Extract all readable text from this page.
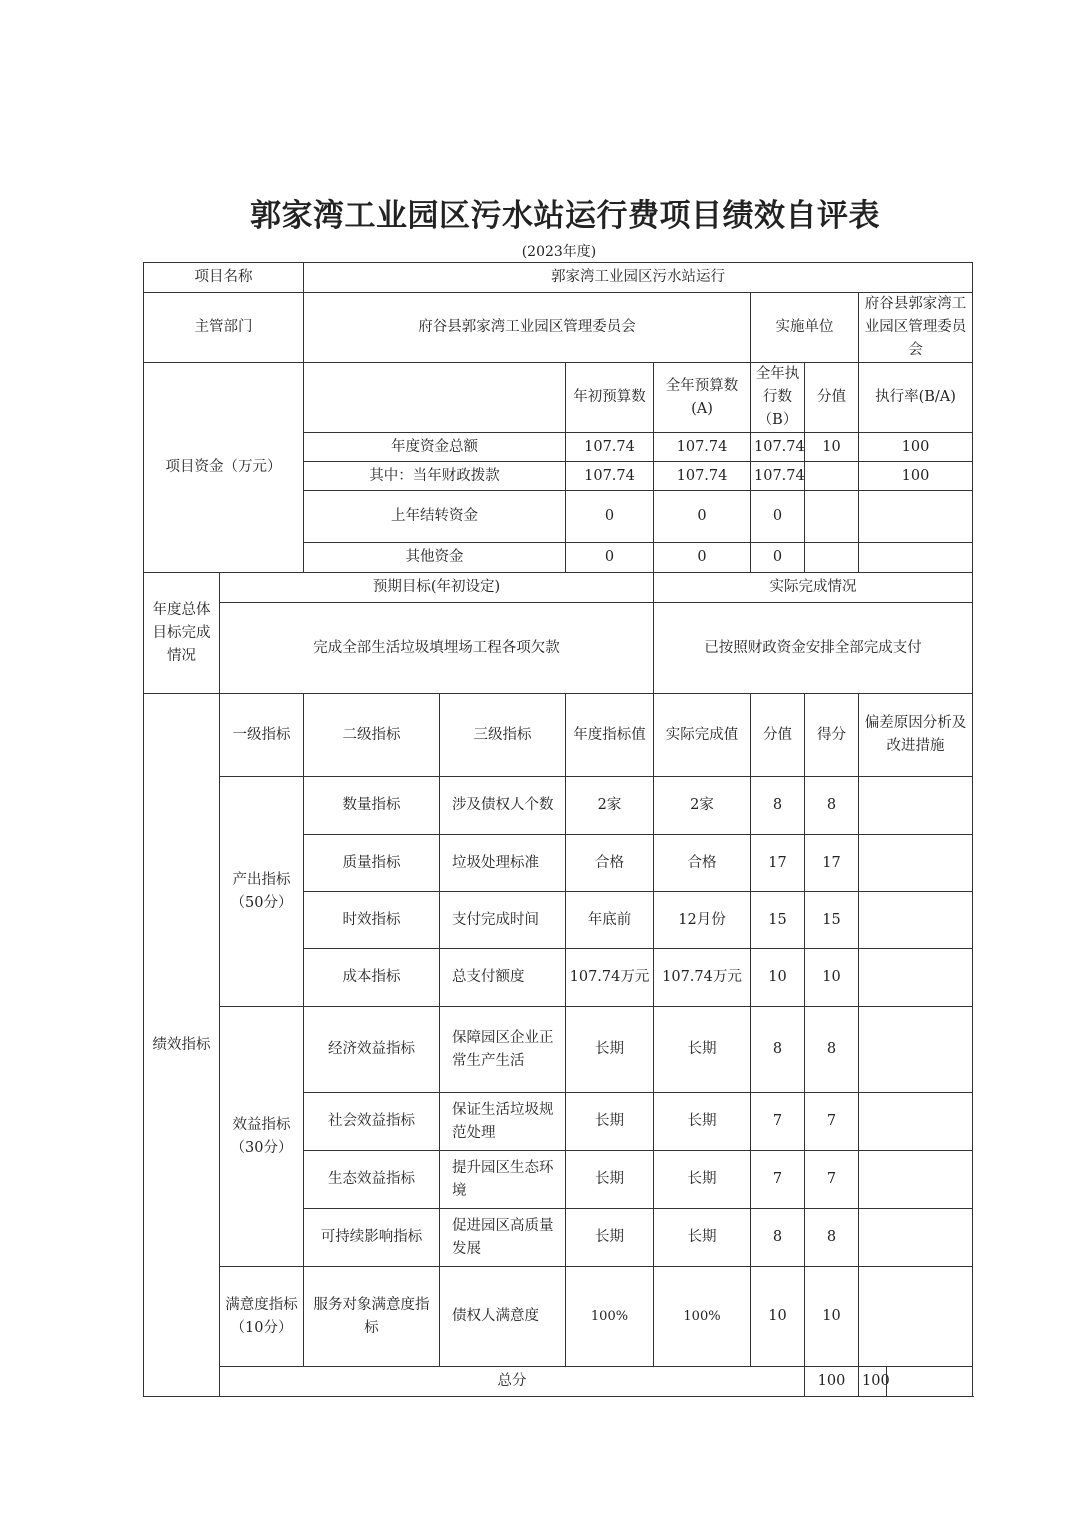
郭家湾工业园区污水站运行费项目绩效自评表
(2023年度)
项目名称		郭家湾工业园区污水站运行							
主管部门		府谷县郭家湾工业园区管理委员会				实施单位		府谷县郭家湾工业园区管理委员会	
项目资金（万元）				年初预算数	全年预算数(A)	全年执行数（B）	分值	执行率(B/A)	
		年度资金总额		107.74	107.74	107.74	10	100	
		其中：当年财政拨款		107.74	107.74	107.74		100	
		上年结转资金		0	0	0			
		其他资金		0	0	0			
年度总体目标完成情况	预期目标(年初设定)				实际完成情况				
	完成全部生活垃圾填埋场工程各项欠款				已按照财政资金安排全部完成支付				
绩效指标	一级指标	二级指标	三级指标	年度指标值	实际完成值	分值	得分	偏差原因分析及改进措施	
	产出指标（50分）	数量指标	涉及债权人个数	2家	2家	8	8		
		质量指标	垃圾处理标准	合格	合格	17	17		
		时效指标	支付完成时间	年底前	12月份	15	15		
		成本指标	总支付额度	107.74万元	107.74万元	10	10		
	效益指标（30分）	经济效益指标	保障园区企业正常生产生活	长期	长期	8	8		
		社会效益指标	保证生活垃圾规范处理	长期	长期	7	7		
		生态效益指标	提升园区生态环境	长期	长期	7	7		
		可持续影响指标	促进园区高质量发展	长期	长期	8	8		
	满意度指标（10分）	服务对象满意度指标	债权人满意度	100%	100%	10	10		
	总分						100	100	
